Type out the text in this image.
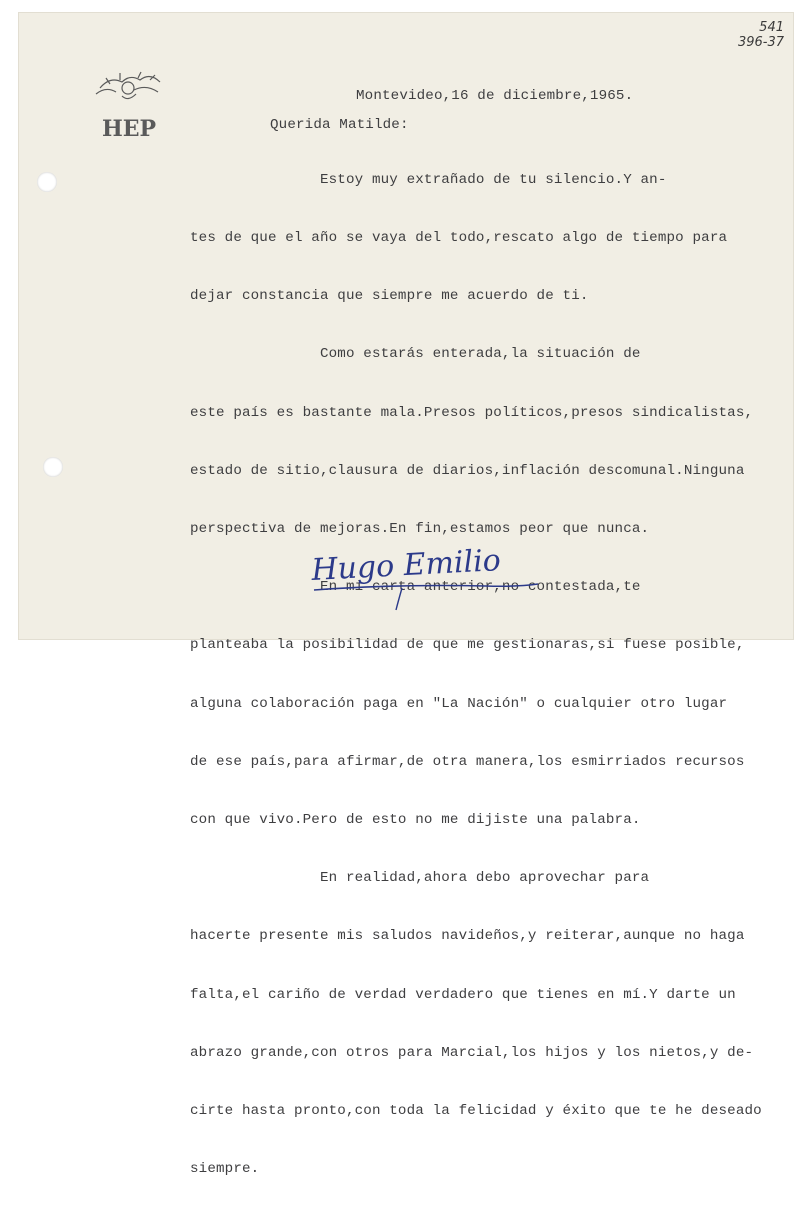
541
396-37
HEP
Montevideo,16 de diciembre,1965.
Querida Matilde:

Estoy muy extrañado de tu silencio.Y an-

tes de que el año se vaya del todo,rescato algo de tiempo para

dejar constancia que siempre me acuerdo de ti.

Como estarás enterada,la situación de

este país es bastante mala.Presos políticos,presos sindicalistas,

estado de sitio,clausura de diarios,inflación descomunal.Ninguna

perspectiva de mejoras.En fin,estamos peor que nunca.

En mi carta anterior,no contestada,te

planteaba la posibilidad de que me gestionaras,si fuese posible,

alguna colaboración paga en "La Nación" o cualquier otro lugar

de ese país,para afirmar,de otra manera,los esmirriados recursos

con que vivo.Pero de esto no me dijiste una palabra.

En realidad,ahora debo aprovechar para

hacerte presente mis saludos navideños,y reiterar,aunque no haga

falta,el cariño de verdad verdadero que tienes en mí.Y darte un

abrazo grande,con otros para Marcial,los hijos y los nietos,y de-

cirte hasta pronto,con toda la felicidad y éxito que te he deseado

siempre.

Hugo Emilio
